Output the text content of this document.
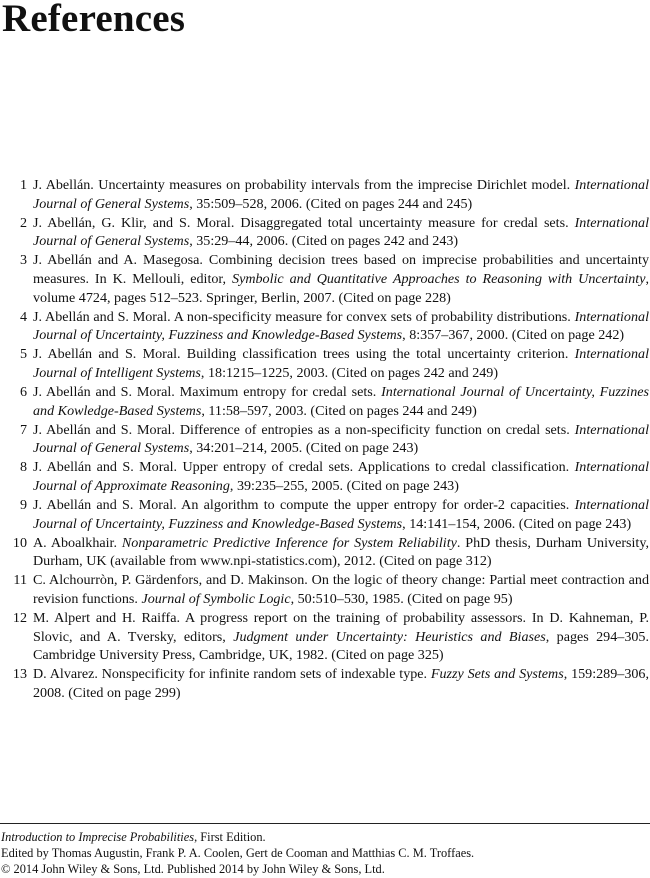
References
1 J. Abellán. Uncertainty measures on probability intervals from the imprecise Dirichlet model. International Journal of General Systems, 35:509–528, 2006. (Cited on pages 244 and 245)
2 J. Abellán, G. Klir, and S. Moral. Disaggregated total uncertainty measure for credal sets. International Journal of General Systems, 35:29–44, 2006. (Cited on pages 242 and 243)
3 J. Abellán and A. Masegosa. Combining decision trees based on imprecise probabilities and uncertainty measures. In K. Mellouli, editor, Symbolic and Quantitative Approaches to Reasoning with Uncertainty, volume 4724, pages 512–523. Springer, Berlin, 2007. (Cited on page 228)
4 J. Abellán and S. Moral. A non-specificity measure for convex sets of probability distributions. International Journal of Uncertainty, Fuzziness and Knowledge-Based Systems, 8:357–367, 2000. (Cited on page 242)
5 J. Abellán and S. Moral. Building classification trees using the total uncertainty criterion. International Journal of Intelligent Systems, 18:1215–1225, 2003. (Cited on pages 242 and 249)
6 J. Abellán and S. Moral. Maximum entropy for credal sets. International Journal of Uncertainty, Fuzzines and Kowledge-Based Systems, 11:58–597, 2003. (Cited on pages 244 and 249)
7 J. Abellán and S. Moral. Difference of entropies as a non-specificity function on credal sets. International Journal of General Systems, 34:201–214, 2005. (Cited on page 243)
8 J. Abellán and S. Moral. Upper entropy of credal sets. Applications to credal classification. International Journal of Approximate Reasoning, 39:235–255, 2005. (Cited on page 243)
9 J. Abellán and S. Moral. An algorithm to compute the upper entropy for order-2 capacities. International Journal of Uncertainty, Fuzziness and Knowledge-Based Systems, 14:141–154, 2006. (Cited on page 243)
10 A. Aboalkhair. Nonparametric Predictive Inference for System Reliability. PhD thesis, Durham University, Durham, UK (available from www.npi-statistics.com), 2012. (Cited on page 312)
11 C. Alchourròn, P. Gärdenfors, and D. Makinson. On the logic of theory change: Partial meet contraction and revision functions. Journal of Symbolic Logic, 50:510–530, 1985. (Cited on page 95)
12 M. Alpert and H. Raiffa. A progress report on the training of probability assessors. In D. Kahneman, P. Slovic, and A. Tversky, editors, Judgment under Uncertainty: Heuristics and Biases, pages 294–305. Cambridge University Press, Cambridge, UK, 1982. (Cited on page 325)
13 D. Alvarez. Nonspecificity for infinite random sets of indexable type. Fuzzy Sets and Systems, 159:289–306, 2008. (Cited on page 299)
Introduction to Imprecise Probabilities, First Edition.
Edited by Thomas Augustin, Frank P. A. Coolen, Gert de Cooman and Matthias C. M. Troffaes.
© 2014 John Wiley & Sons, Ltd. Published 2014 by John Wiley & Sons, Ltd.
